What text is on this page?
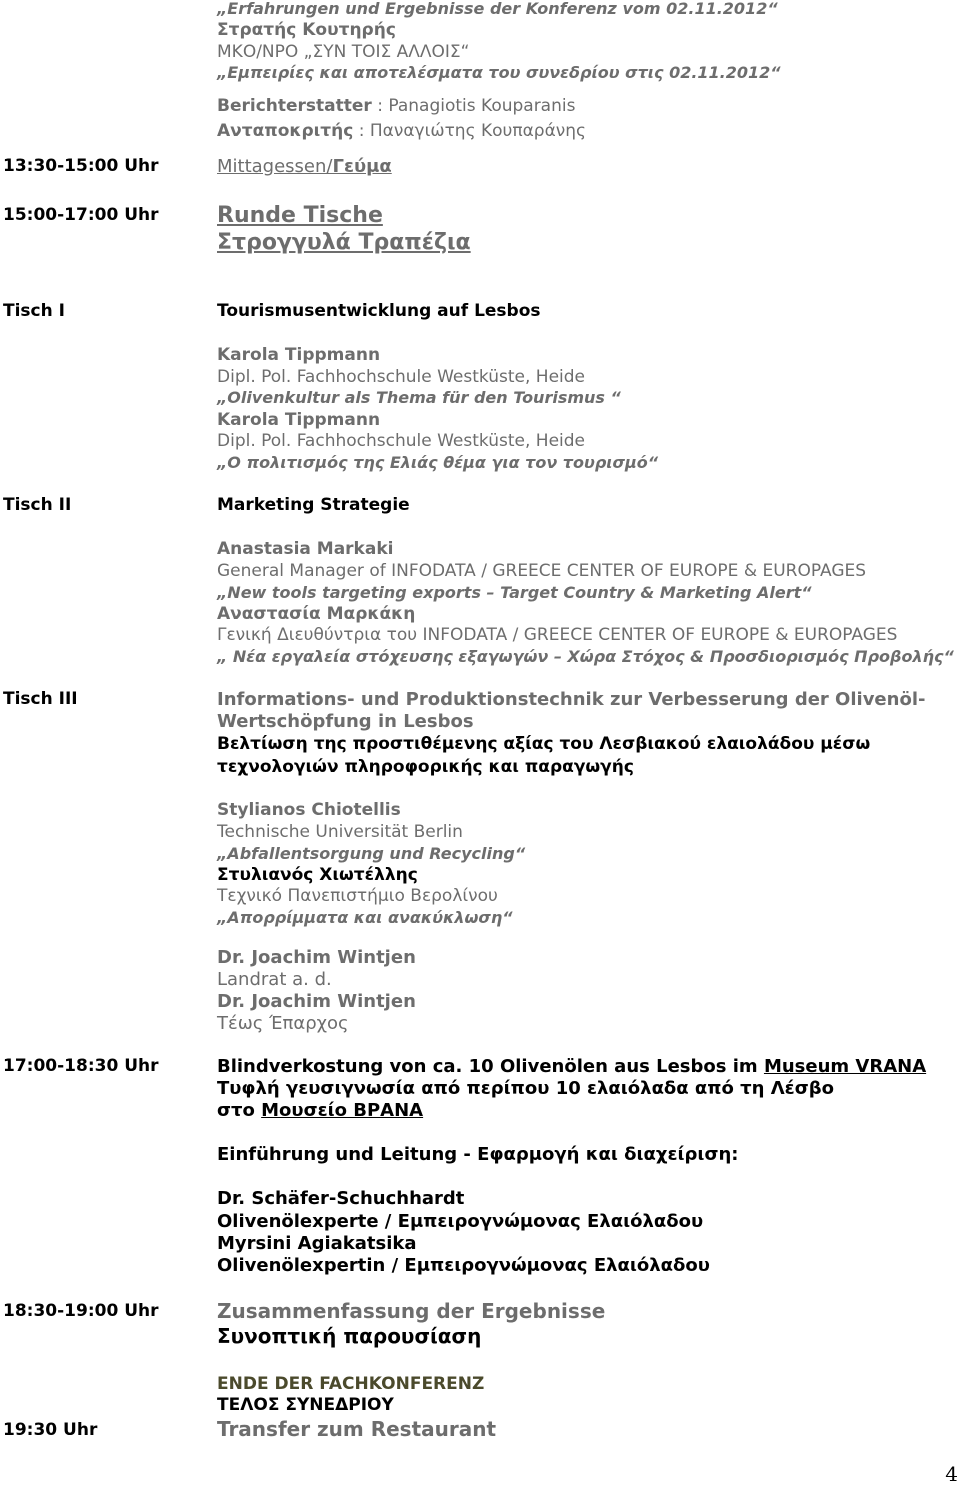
„Erfahrungen und Ergebnisse der Konferenz vom 02.11.2012“
Στρατής Κουτηρής
ΜΚΟ/ΝΡΟ „ΣΥΝ ΤΟΙΣ ΑΛΛΟΙΣ“
„Εμπειρίες και αποτελέσματα του συνεδρίου στις 02.11.2012“
Berichterstatter : Panagiotis Kouparanis
Ανταποκριτής : Παναγιώτης Κουπαράνης
13:30-15:00 Uhr	Mittagessen/Γεύμα
15:00-17:00 Uhr	Runde Tische
Στρογγυλά Τραπέζια
Tisch I	Tourismusentwicklung auf Lesbos
Karola Tippmann
Dipl. Pol. Fachhochschule Westküste, Heide
„Olivenkultur als Thema für den Tourismus “
Karola Tippmann
Dipl. Pol. Fachhochschule Westküste, Heide
„Ο πολιτισμός της Ελιάς θέμα για τον τουρισμό“
Tisch II	Marketing Strategie
Anastasia Markaki
General Manager of INFODATA / GREECE CENTER OF EUROPE & EUROPAGES
„New tools targeting exports – Target Country & Marketing Alert“
Αναστασία Μαρκάκη
Γενική Διευθύντρια του INFODATA / GREECE CENTER OF EUROPE & EUROPAGES
„ Νέα εργαλεία στόχευσης εξαγωγών – Χώρα Στόχος & Προσδιορισμός Προβολής“
Tisch III	Informations- und Produktionstechnik zur Verbesserung der Olivenöl-
Wertschöpfung in Lesbos
Βελτίωση της προστιθέμενης αξίας του Λεσβιακού ελαιολάδου μέσω
τεχνολογιών πληροφορικής και παραγωγής
Stylianos Chiotellis
Technische Universität Berlin
„Abfallentsorgung und Recycling“
Στυλιανός Χιωτέλλης
Τεχνικό Πανεπιστήμιο Βερολίνου
„Απορρίμματα και ανακύκλωση“
Dr. Joachim Wintjen
Landrat a. d.
Dr. Joachim Wintjen
Τέως Έπαρχος
17:00-18:30 Uhr	Blindverkostung von ca. 10 Olivenölen aus Lesbos im Museum VRANA
Τυφλή γευσιγνωσία από περίπου 10 ελαιόλαδα από τη Λέσβο
στο Μουσείο ΒΡΑΝΑ
Einführung und Leitung - Εφαρμογή και διαχείριση:
Dr. Schäfer-Schuchhardt
Olivenölexperte / Εμπειρογνώμονας Ελαιόλαδου
Myrsini Agiakatsika
Olivenölexpertin / Εμπειρογνώμονας Ελαιόλαδου
18:30-19:00 Uhr	Zusammenfassung der Ergebnisse
Συνοπτική παρουσίαση
ENDE DER FACHKONFERENZ
ΤΕΛΟΣ ΣΥΝΕΔΡΙΟΥ
19:30 Uhr	Transfer zum Restaurant
4
